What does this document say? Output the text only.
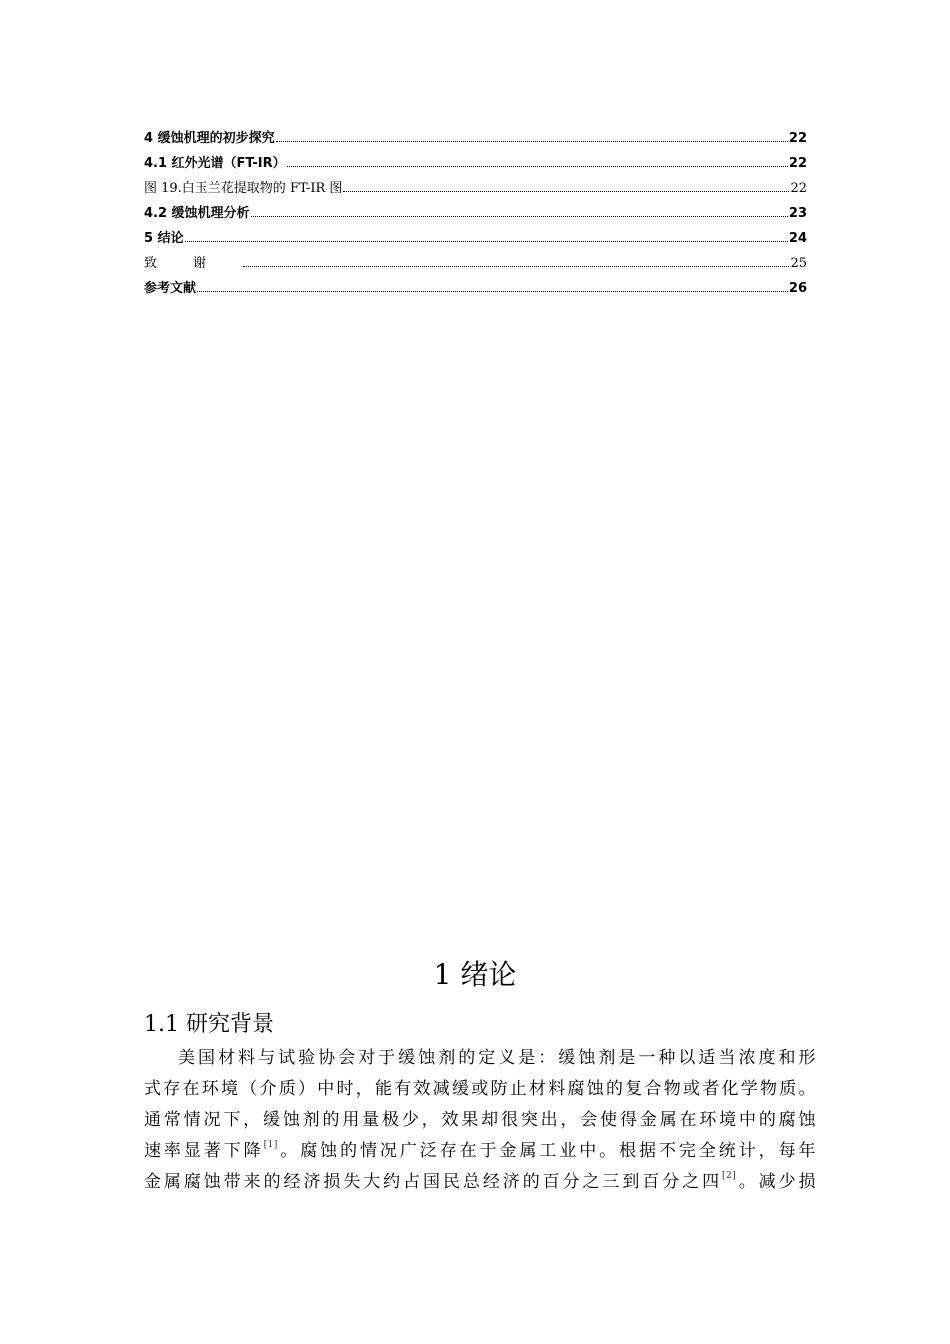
4 缓蚀机理的初步探究	22
4.1 红外光谱（FT-IR）	22
图 19.白玉兰花提取物的 FT-IR 图	22
4.2 缓蚀机理分析	23
5 结论	24
致谢	25
参考文献	26
1 绪论
1.1 研究背景
美国材料与试验协会对于缓蚀剂的定义是：缓蚀剂是一种以适当浓度和形
式存在环境（介质）中时，能有效减缓或防止材料腐蚀的复合物或者化学物质。
通常情况下，缓蚀剂的用量极少，效果却很突出，会使得金属在环境中的腐蚀
速率显著下降[1]。腐蚀的情况广泛存在于金属工业中。根据不完全统计，每年
金属腐蚀带来的经济损失大约占国民总经济的百分之三到百分之四[2]。减少损
